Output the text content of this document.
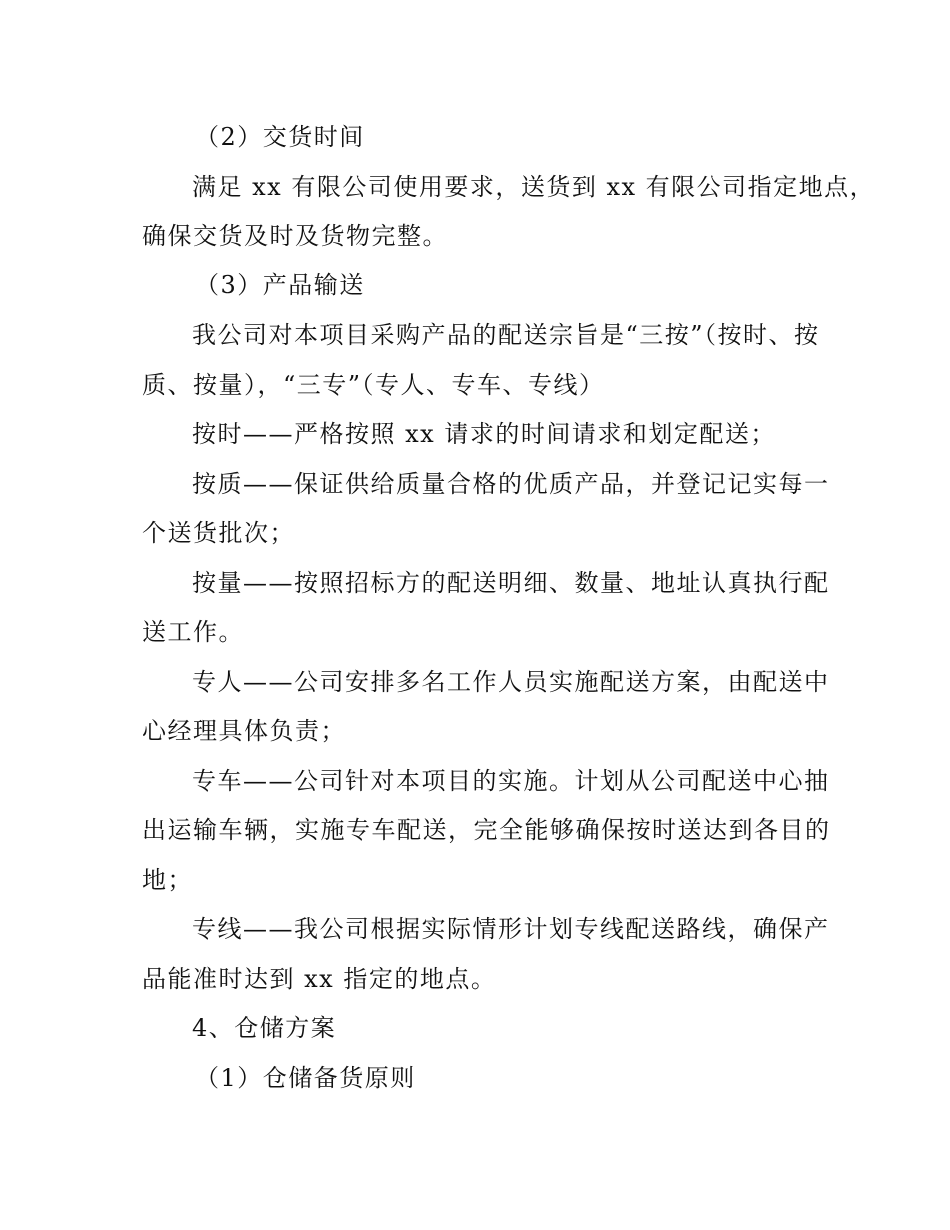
（2）交货时间
满足 xx 有限公司使用要求，送货到 xx 有限公司指定地点，
确保交货及时及货物完整。
（3）产品输送
我公司对本项目采购产品的配送宗旨是“三按”（按时、按
质、按量），“三专”（专人、专车、专线）
按时——严格按照 xx 请求的时间请求和划定配送；
按质——保证供给质量合格的优质产品，并登记记实每一
个送货批次；
按量——按照招标方的配送明细、数量、地址认真执行配
送工作。
专人——公司安排多名工作人员实施配送方案，由配送中
心经理具体负责；
专车——公司针对本项目的实施。计划从公司配送中心抽
出运输车辆，实施专车配送，完全能够确保按时送达到各目的
地；
专线——我公司根据实际情形计划专线配送路线，确保产
品能准时达到 xx 指定的地点。
4、仓储方案
（1）仓储备货原则
